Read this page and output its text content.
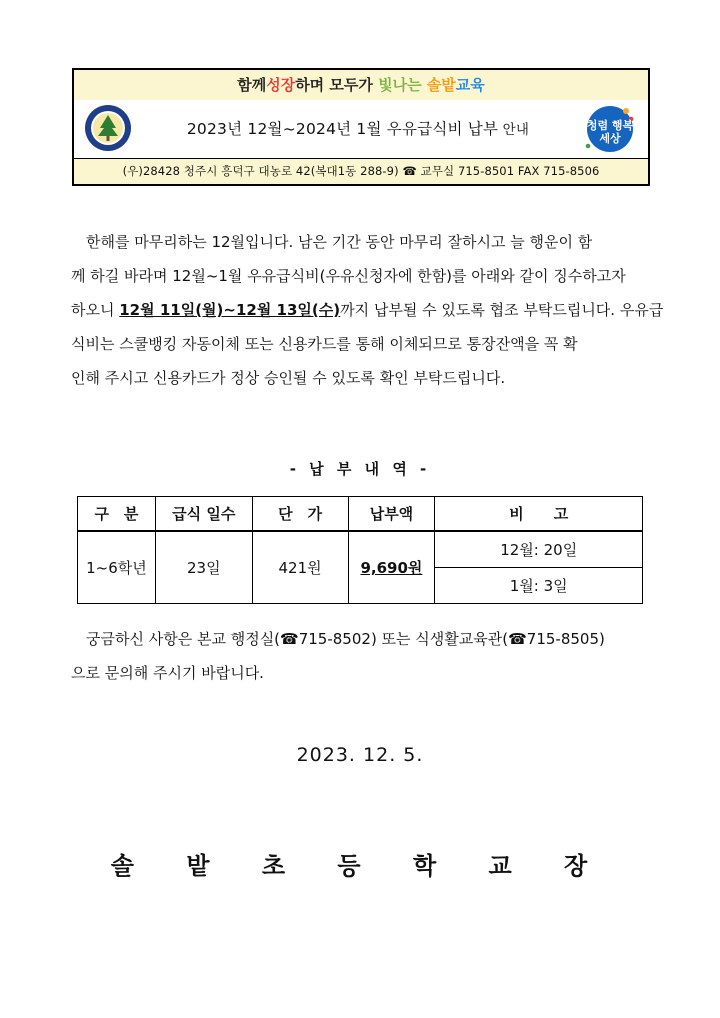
함께성장하며 모두가 빛나는 솔밭교육
2023년 12월~2024년 1월 우유급식비 납부 안내	청렴 행복
세상
(우)28428 청주시 흥덕구 대농로 42(복대1동 288-9) ☎ 교무실 715-8501 FAX 715-8506
　한해를 마무리하는 12월입니다. 남은 기간 동안 마무리 잘하시고 늘 행운이 함
께 하길 바라며 12월~1월 우유급식비(우유신청자에 한함)를 아래와 같이 징수하고자
하오니 12월 11일(월)~12월 13일(수)까지 납부될 수 있도록 협조 부탁드립니다. 우유급
식비는 스쿨뱅킹 자동이체 또는 신용카드를 통해 이체되므로 통장잔액을 꼭 확
인해 주시고 신용카드가 정상 승인될 수 있도록 확인 부탁드립니다.
- 납 부 내 역 -
구　분	급식 일수	단　가	납부액	비　　고
1~6학년	23일	421원	9,690원	12월: 20일
				1월: 3일
　궁금하신 사항은 본교 행정실(☎715-8502) 또는 식생활교육관(☎715-8505)
으로 문의해 주시기 바랍니다.
2023. 12. 5.
솔 밭 초 등 학 교 장
